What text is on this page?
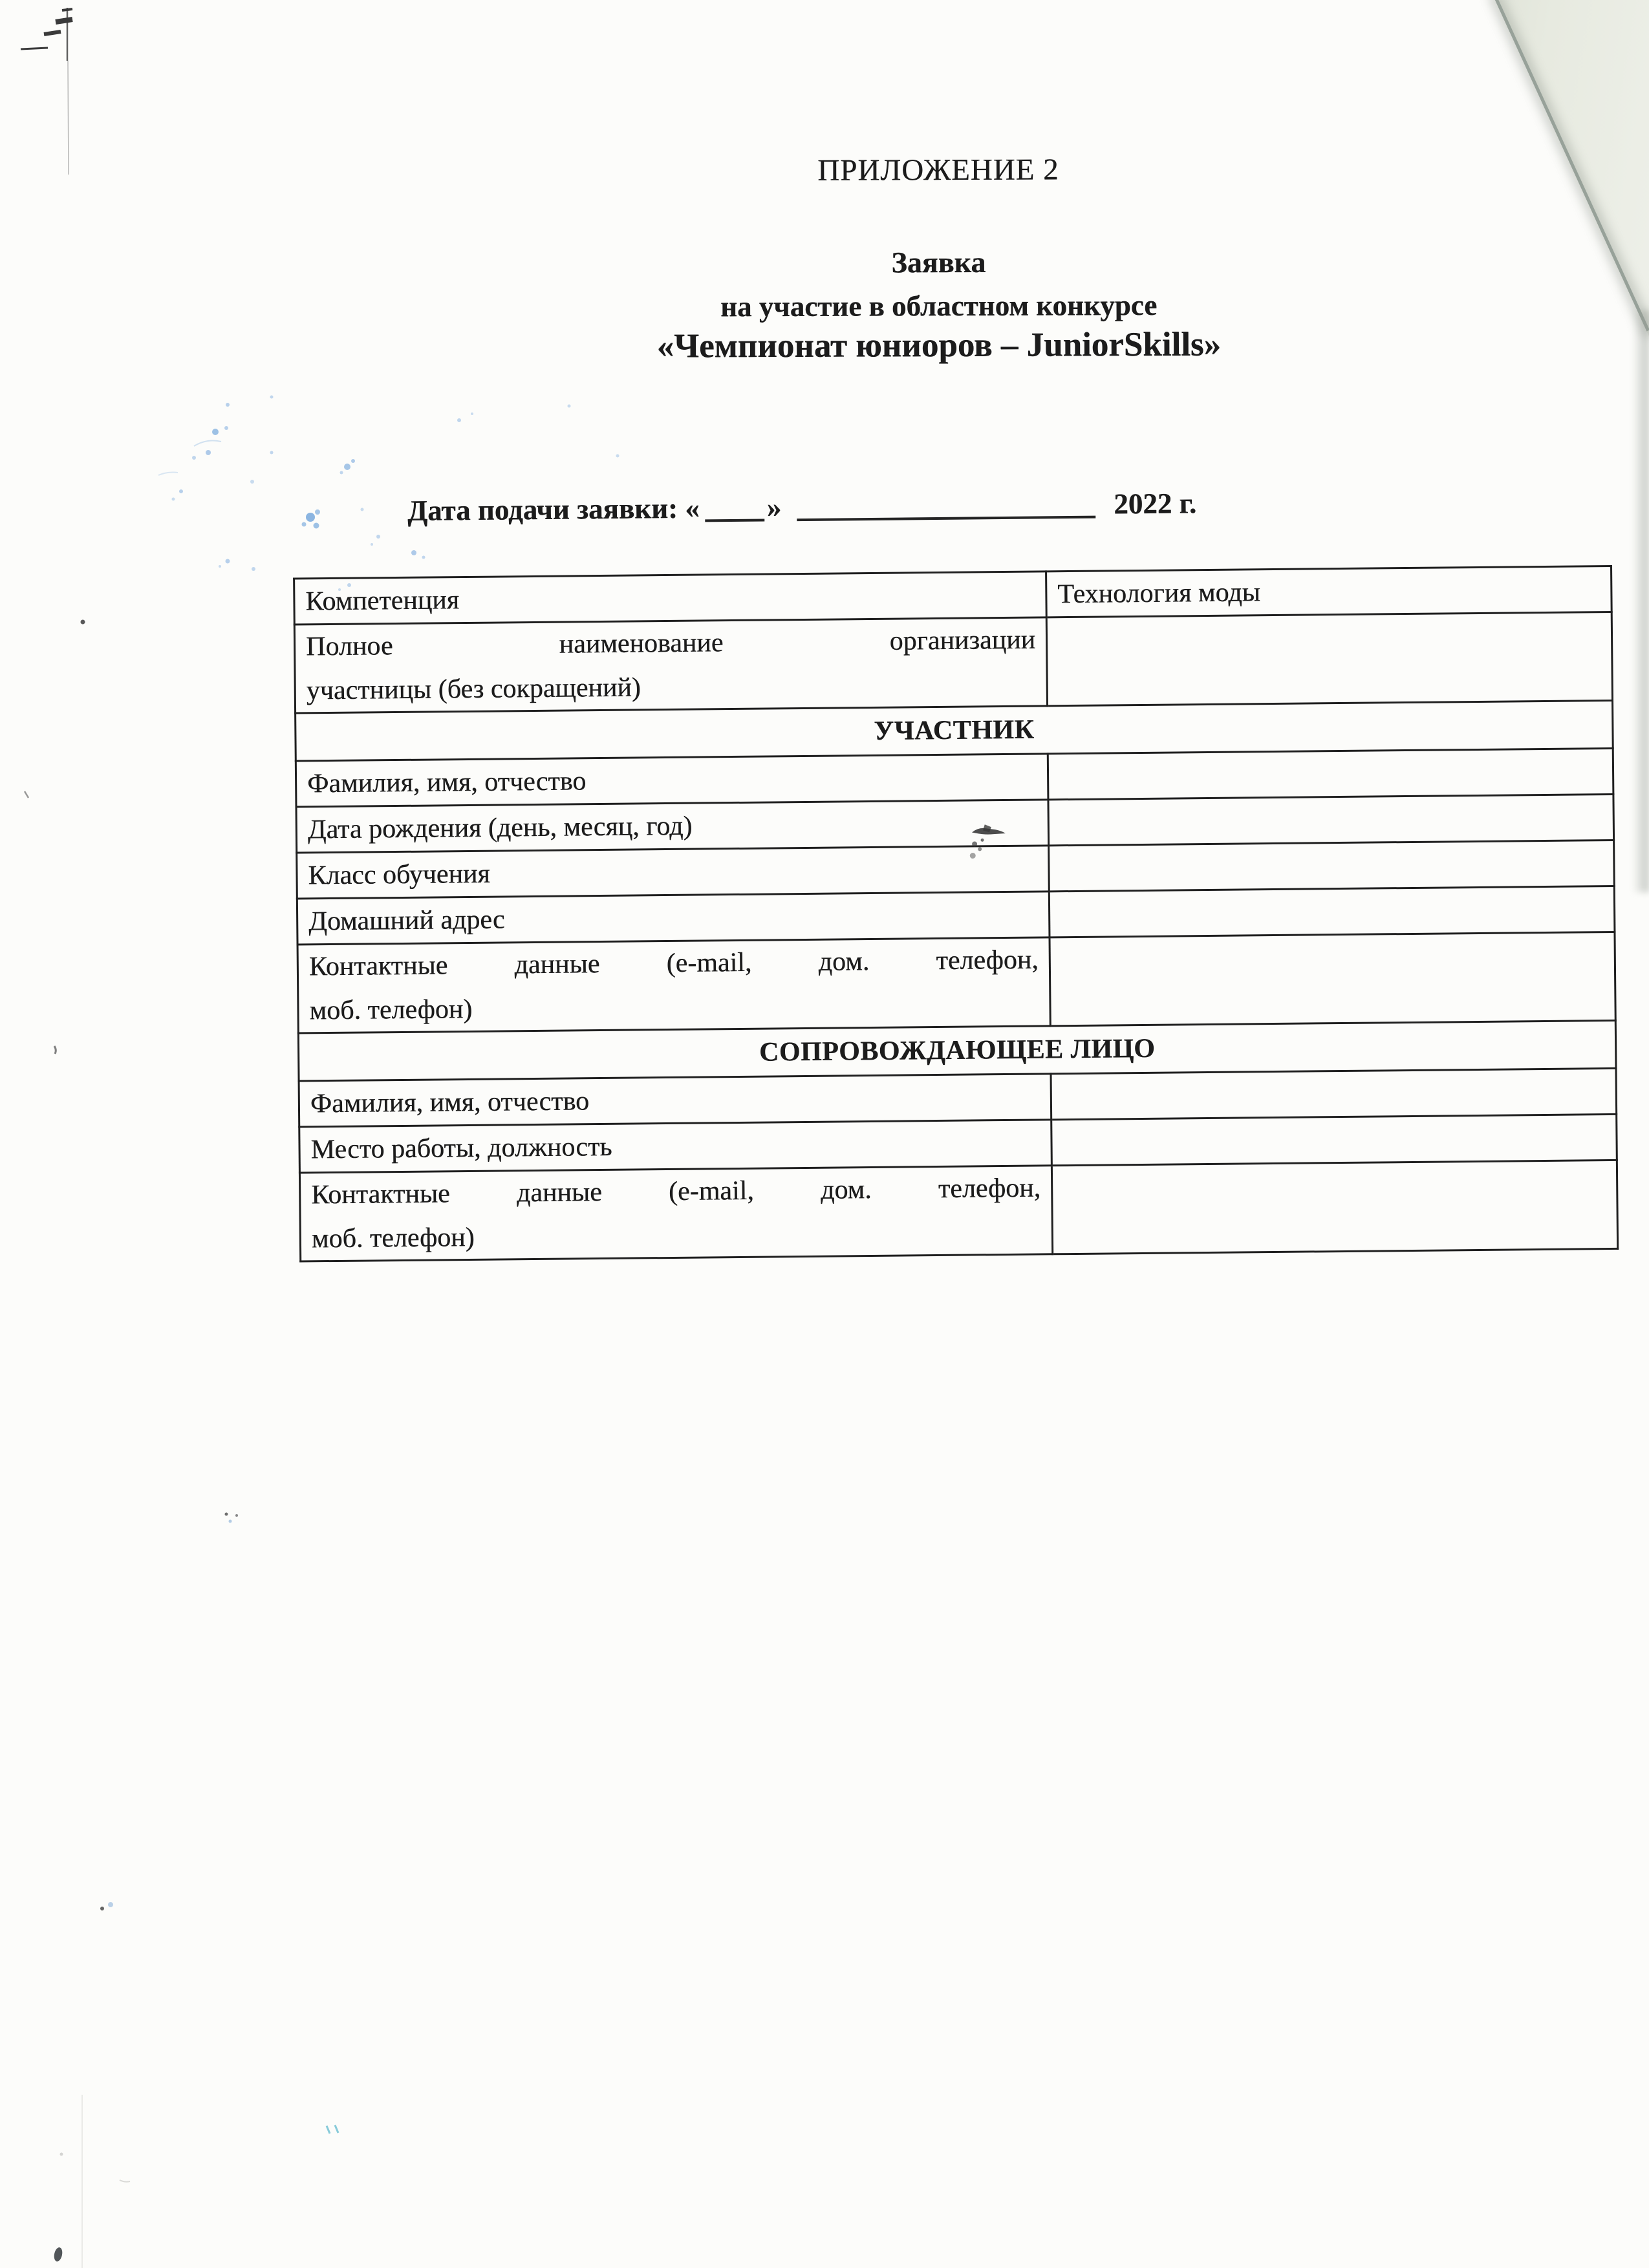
ПРИЛОЖЕНИЕ 2
Заявка
на участие в областном конкурсе
«Чемпионат юниоров – JuniorSkills»
Дата подачи заявки: « »	2022 г.
Компетенция	Технология моды

Полное наименование организации
участницы (без сокращений)	

УЧАСТНИК	
Фамилия, имя, отчество	
Дата рождения (день, месяц, год)	
Класс обучения	
Домашний адрес	

Контактные данные (e-mail, дом. телефон,
моб. телефон)

СОПРОВОЖДАЮЩЕЕ ЛИЦО	
Фамилия, имя, отчество	
Место работы, должность	

Контактные данные (e-mail, дом. телефон,
моб. телефон)
